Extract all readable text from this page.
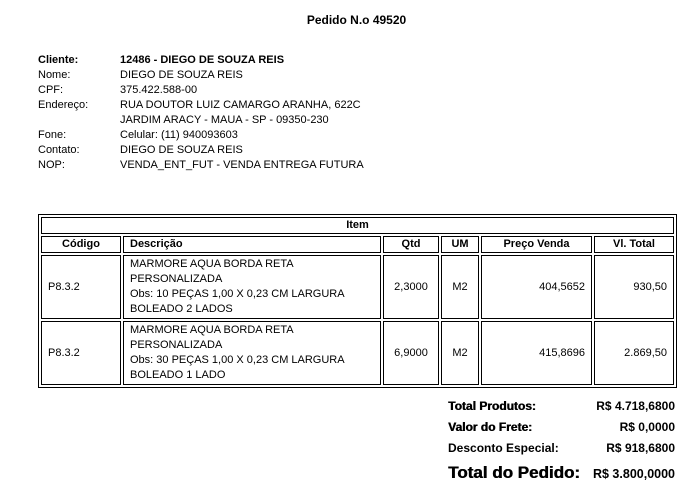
Pedido N.o 49520
Cliente:	12486 - DIEGO DE SOUZA REIS
Nome:	DIEGO DE SOUZA REIS
CPF:	375.422.588-00
Endereço:	RUA DOUTOR LUIZ CAMARGO ARANHA, 622C
JARDIM ARACY - MAUA - SP - 09350-230
Fone:	Celular: (11) 940093603
Contato:	DIEGO DE SOUZA REIS
NOP:	VENDA_ENT_FUT - VENDA ENTREGA FUTURA
Item					
Código	Descrição	Qtd	UM	Preço Venda	Vl. Total
P8.3.2	MARMORE AQUA BORDA RETA
PERSONALIZADA
Obs: 10 PEÇAS 1,00 X 0,23 CM LARGURA
BOLEADO 2 LADOS	2,3000	M2	404,5652	930,50
P8.3.2	MARMORE AQUA BORDA RETA
PERSONALIZADA
Obs: 30 PEÇAS 1,00 X 0,23 CM LARGURA
BOLEADO 1 LADO	6,9000	M2	415,8696	2.869,50
Total Produtos:	R$ 4.718,6800
Valor do Frete:	R$ 0,0000
Desconto Especial:	R$ 918,6800
Total do Pedido: R$ 3.800,0000
